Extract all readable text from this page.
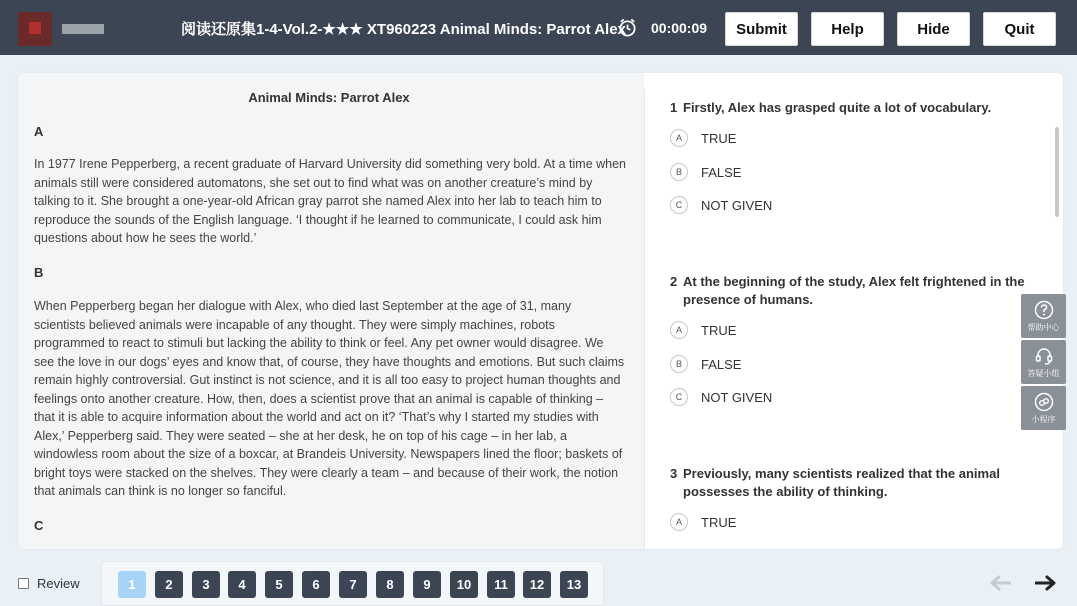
阅读还原集1-4-Vol.2-★★★ XT960223 Animal Minds: Parrot Alex 00:00:09	Submit	Help	Hide	Quit
Animal Minds: Parrot Alex
A
In 1977 Irene Pepperberg, a recent graduate of Harvard University did something very bold. At a time when animals still were considered automatons, she set out to find what was on another creature’s mind by talking to it. She brought a one-year-old African gray parrot she named Alex into her lab to teach him to reproduce the sounds of the English language. ‘I thought if he learned to communicate, I could ask him questions about how he sees the world.’
B
When Pepperberg began her dialogue with Alex, who died last September at the age of 31, many scientists believed animals were incapable of any thought. They were simply machines, robots programmed to react to stimuli but lacking the ability to think or feel. Any pet owner would disagree. We see the love in our dogs’ eyes and know that, of course, they have thoughts and emotions. But such claims remain highly controversial. Gut instinct is not science, and it is all too easy to project human thoughts and feelings onto another creature. How, then, does a scientist prove that an animal is capable of thinking – that it is able to acquire information about the world and act on it? ‘That’s why I started my studies with Alex,’ Pepperberg said. They were seated – she at her desk, he on top of his cage – in her lab, a windowless room about the size of a boxcar, at Brandeis University. Newspapers lined the floor; baskets of bright toys were stacked on the shelves. They were clearly a team – and because of their work, the notion that animals can think is no longer so fanciful.
C
1 Firstly, Alex has grasped quite a lot of vocabulary.
A	TRUE
B	FALSE
C	NOT GIVEN
2 At the beginning of the study, Alex felt frightened in the presence of humans.
A	TRUE
B	FALSE
C	NOT GIVEN
3 Previously, many scientists realized that the animal possesses the ability of thinking.
A	TRUE
帮助中心
答疑小组
小程序
Review	1	2	3	4	5	6	7	8	9	10	11	12	13
